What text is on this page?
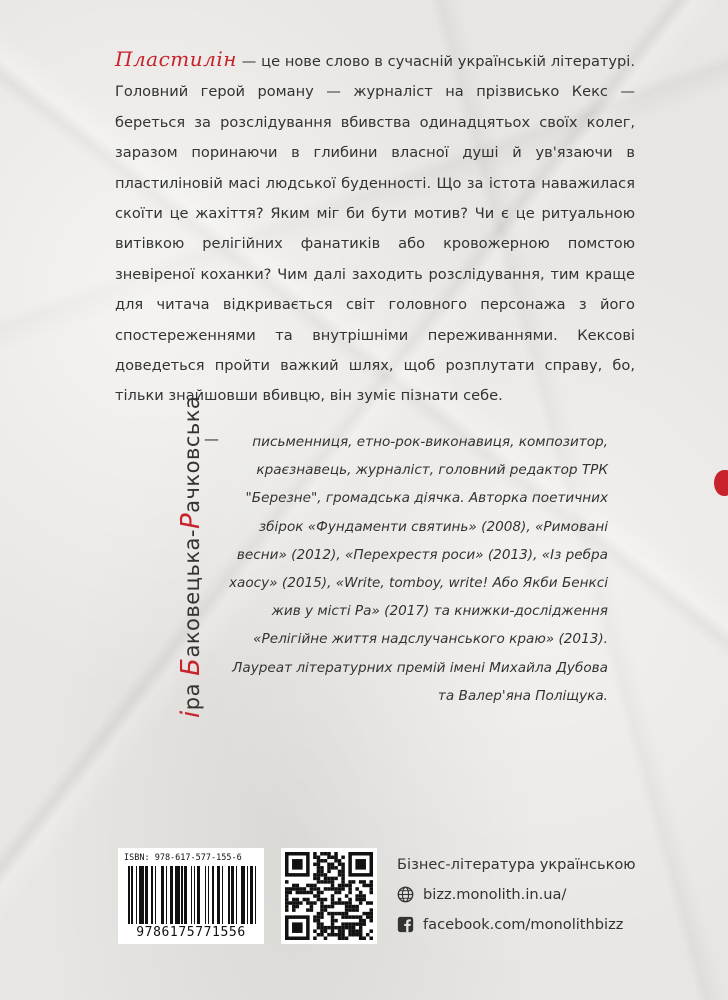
Пластилін — це нове слово в сучасній українській літературі. Головний герой роману — журналіст на прізвисько Кекс — береться за розслідування вбивства одинадцятьох своїх колег, заразом поринаючи в глибини власної душі й ув'язаючи в пластиліновій масі людської буденності. Що за істота наважилася скоїти це жахіття? Яким міг би бути мотив? Чи є це ритуальною витівкою релігійних фанатиків або кровожерною помстою зневіреної коханки? Чим далі заходить розслідування, тим краще для читача відкривається світ головного персонажа з його спостереженнями та внутрішніми переживаннями. Кексові доведеться пройти важкий шлях, щоб розплутати справу, бо, тільки знайшовши вбивцю, він зуміє пізнати себе.
іра Баковецька-Рачковська —	письменниця, етно-рок-виконавиця, композитор, краєзнавець, журналіст, головний редактор ТРК "Березне", громадська діячка. Авторка поетичних збірок «Фундаменти святинь» (2008), «Римовані весни» (2012), «Перехрестя роси» (2013), «Із ребра хаосу» (2015), «Write, tomboy, write! Або Якби Бенксі жив у місті Ра» (2017) та книжки-дослідження «Релігійне життя надслучанського краю» (2013). Лауреат літературних премій імені Михайла Дубова та Валер'яна Поліщука.
ISBN: 978-617-577-155-6
9786175771556
Бізнес-література українською
bizz.monolith.in.ua/
facebook.com/monolithbizz
